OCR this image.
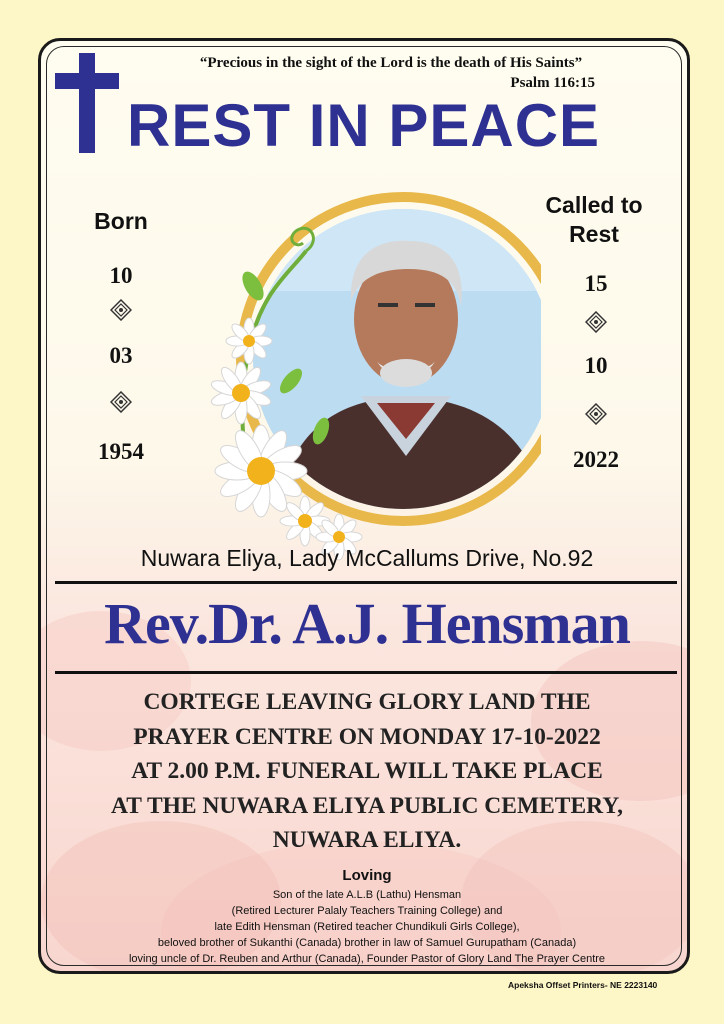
“Precious in the sight of the Lord is the death of His Saints”
Psalm 116:15
REST IN PEACE
Born
10
03
1954
Called to
Rest
15
10
2022
Nuwara Eliya, Lady McCallums Drive, No.92
Rev.Dr. A.J. Hensman
CORTEGE LEAVING GLORY LAND THE
PRAYER CENTRE ON MONDAY 17-10-2022
AT 2.00 P.M. FUNERAL WILL TAKE PLACE
AT THE NUWARA ELIYA PUBLIC CEMETERY,
NUWARA ELIYA.
Loving
Son of the late A.L.B (Lathu) Hensman
(Retired Lecturer Palaly Teachers Training College) and
late Edith Hensman (Retired teacher Chundikuli Girls College),
beloved brother of Sukanthi (Canada) brother in law of Samuel Gurupatham (Canada)
loving uncle of Dr. Reuben and Arthur (Canada), Founder Pastor of Glory Land The Prayer Centre
Apeksha Offset Printers- NE 2223140
